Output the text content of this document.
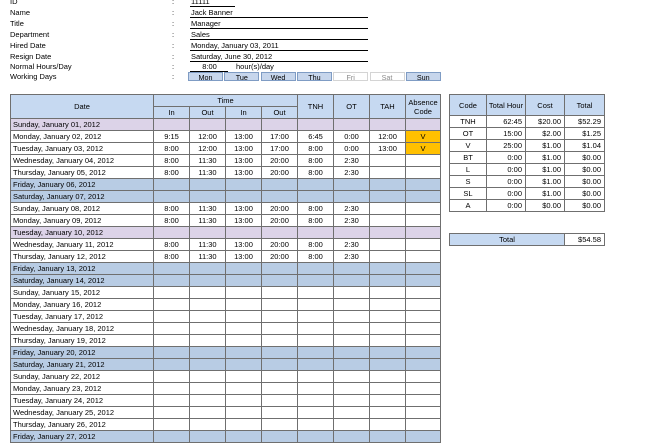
ID	: 11111
Name	: Jack Banner
Title	: Manager
Department	: Sales
Hired Date	: Monday, January 03, 2011
Resign Date	: Saturday, June 30, 2012
Normal Hours/Day	:	8:00	hour(s)/day
Working Days	:	Mon	Tue	Wed	Thu	Fri	Sat	Sun
Date	Time				TNH	OT	TAH	Absence Code
	In	Out	In	Out				
Sunday, January 01, 2012								
Monday, January 02, 2012	9:15	12:00	13:00	17:00	6:45	0:00	12:00	V
Tuesday, January 03, 2012	8:00	12:00	13:00	17:00	8:00	0:00	13:00	V
Wednesday, January 04, 2012	8:00	11:30	13:00	20:00	8:00	2:30		
Thursday, January 05, 2012	8:00	11:30	13:00	20:00	8:00	2:30		
Friday, January 06, 2012								
Saturday, January 07, 2012								
Sunday, January 08, 2012	8:00	11:30	13:00	20:00	8:00	2:30		
Monday, January 09, 2012	8:00	11:30	13:00	20:00	8:00	2:30		
Tuesday, January 10, 2012								
Wednesday, January 11, 2012	8:00	11:30	13:00	20:00	8:00	2:30		
Thursday, January 12, 2012	8:00	11:30	13:00	20:00	8:00	2:30		
Friday, January 13, 2012								
Saturday, January 14, 2012								
Sunday, January 15, 2012								
Monday, January 16, 2012								
Tuesday, January 17, 2012								
Wednesday, January 18, 2012								
Thursday, January 19, 2012								
Friday, January 20, 2012								
Saturday, January 21, 2012								
Sunday, January 22, 2012								
Monday, January 23, 2012								
Tuesday, January 24, 2012								
Wednesday, January 25, 2012								
Thursday, January 26, 2012								
Friday, January 27, 2012								
Code	Total Hour	Cost	Total
TNH	62:45	$20.00	$52.29
OT	15:00	$2.00	$1.25
V	25:00	$1.00	$1.04
BT	0:00	$1.00	$0.00
L	0:00	$1.00	$0.00
S	0:00	$1.00	$0.00
SL	0:00	$1.00	$0.00
A	0:00	$0.00	$0.00
Total	$54.58
